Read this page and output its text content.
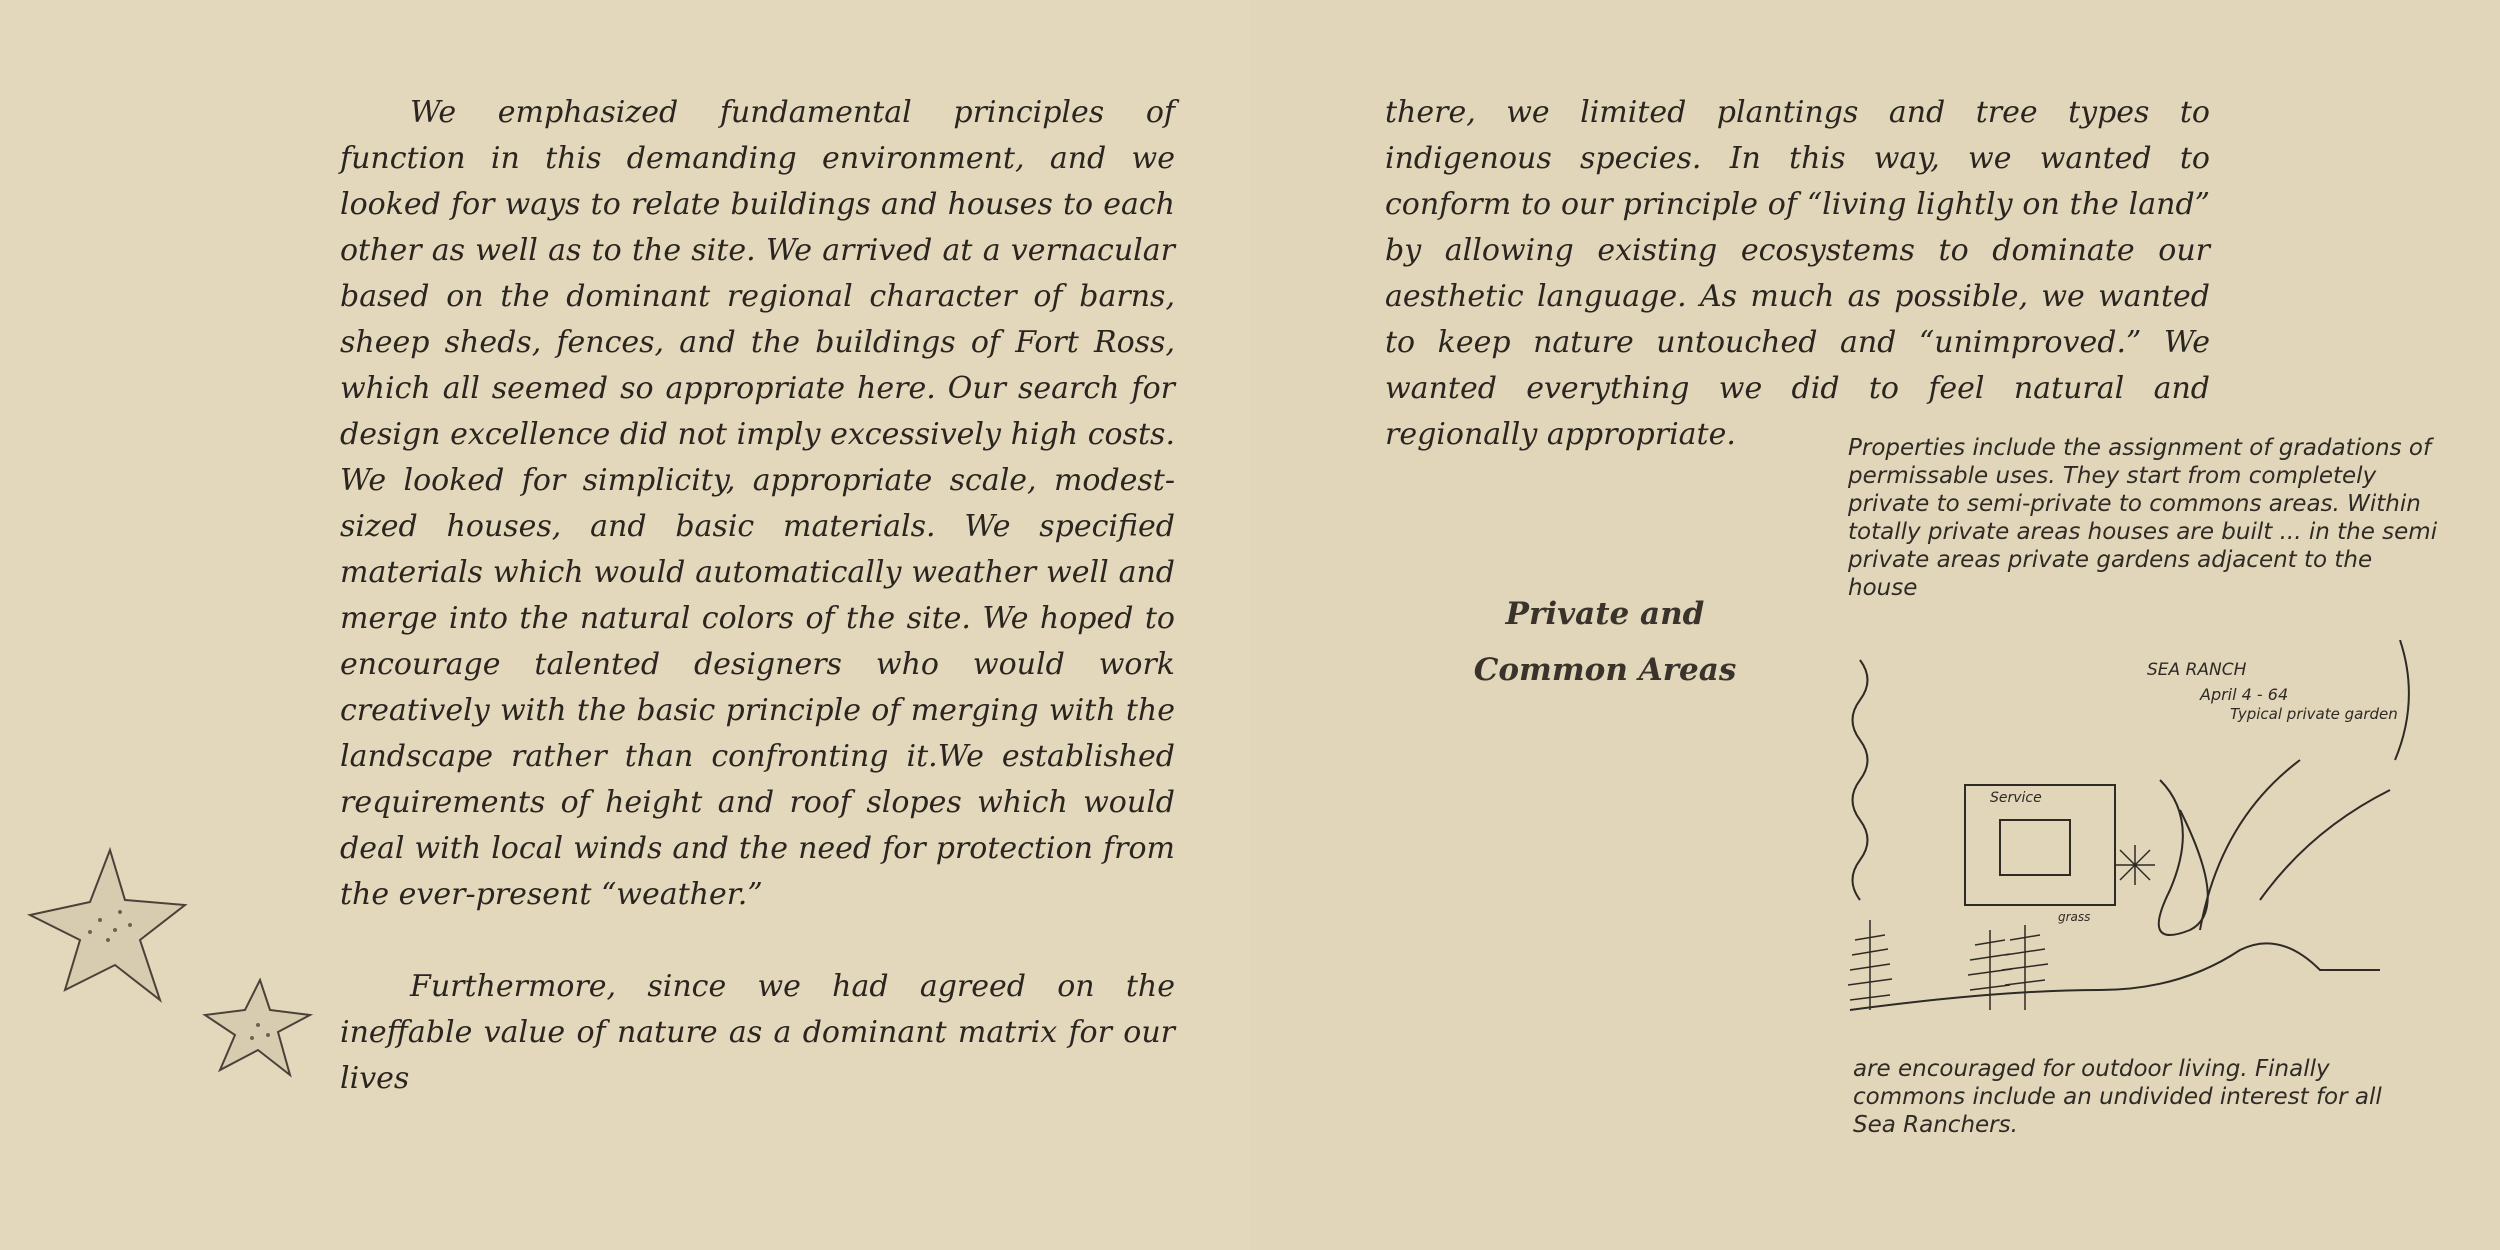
We emphasized fundamental principles of function in this demanding environment, and we looked for ways to relate buildings and houses to each other as well as to the site. We arrived at a vernacular based on the dominant regional character of barns, sheep sheds, fences, and the buildings of Fort Ross, which all seemed so appropriate here. Our search for design excellence did not imply excessively high costs. We looked for simplicity, appropriate scale, modest-sized houses, and basic materials. We specified materials which would automatically weather well and merge into the natural colors of the site. We hoped to encourage talented designers who would work creatively with the basic principle of merging with the landscape rather than confronting it.We established requirements of height and roof slopes which would deal with local winds and the need for protection from the ever-present “weather.”

Furthermore, since we had agreed on the ineffable value of nature as a dominant matrix for our lives

there, we limited plantings and tree types to indigenous species. In this way, we wanted to conform to our principle of “living lightly on the land” by allowing existing ecosystems to dominate our aesthetic language. As much as possible, we wanted to keep nature untouched and “unimproved.” We wanted everything we did to feel natural and regionally appropriate.

Private and
Common Areas
Properties include the assignment of gradations of permissable uses. They start from completely private to semi-private to commons areas. Within totally private areas houses are built ... in the semi private areas private gardens adjacent to the house
SEA RANCH
April 4 - 64
Typical private garden
Service
grass
are encouraged for outdoor living. Finally commons include an undivided interest for all Sea Ranchers.
